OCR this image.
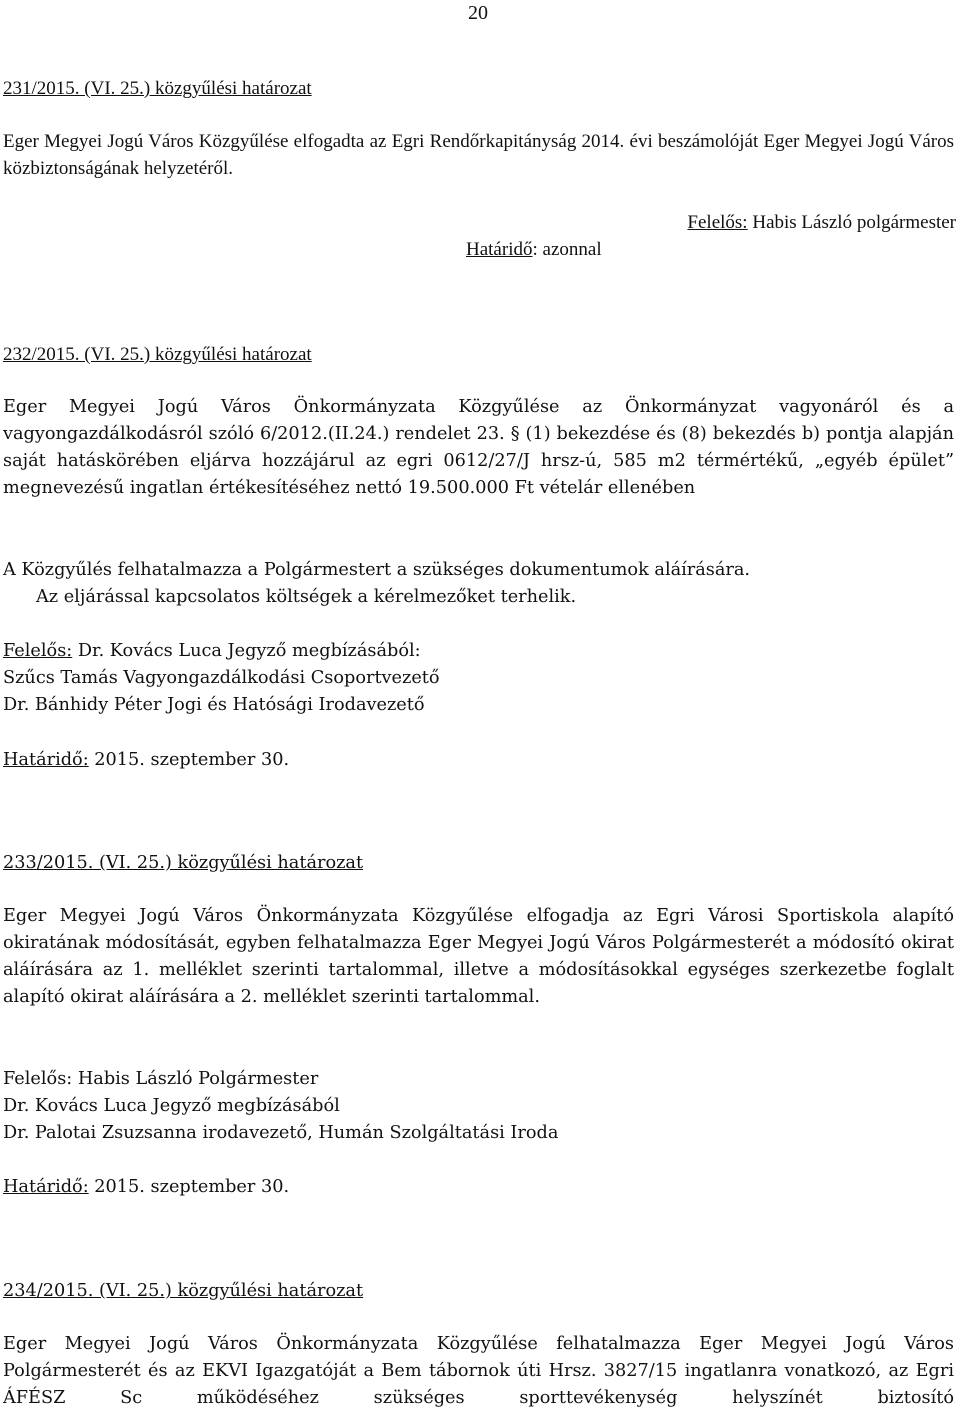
20
231/2015. (VI. 25.) közgyűlési határozat
Eger Megyei Jogú Város Közgyűlése elfogadta az Egri Rendőrkapitányság 2014. évi beszámolóját Eger Megyei Jogú Város közbiztonságának helyzetéről.
Felelős: Habis László polgármester
Határidő: azonnal
232/2015. (VI. 25.) közgyűlési határozat
Eger Megyei Jogú Város Önkormányzata Közgyűlése az Önkormányzat vagyonáról és a vagyongazdálkodásról szóló 6/2012.(II.24.) rendelet 23. § (1) bekezdése és (8) bekezdés b) pontja alapján saját hatáskörében eljárva hozzájárul az egri 0612/27/J hrsz-ú, 585 m2 térmértékű, „egyéb épület” megnevezésű ingatlan értékesítéséhez nettó 19.500.000 Ft vételár ellenében
A Közgyűlés felhatalmazza a Polgármestert a szükséges dokumentumok aláírására.
Az eljárással kapcsolatos költségek a kérelmezőket terhelik.
Felelős: Dr. Kovács Luca Jegyző megbízásából:
Szűcs Tamás Vagyongazdálkodási Csoportvezető
Dr. Bánhidy Péter Jogi és Hatósági Irodavezető
Határidő: 2015. szeptember 30.
233/2015. (VI. 25.) közgyűlési határozat
Eger Megyei Jogú Város Önkormányzata Közgyűlése elfogadja az Egri Városi Sportiskola alapító okiratának módosítását, egyben felhatalmazza Eger Megyei Jogú Város Polgármesterét a módosító okirat aláírására az 1. melléklet szerinti tartalommal, illetve a módosításokkal egységes szerkezetbe foglalt alapító okirat aláírására a 2. melléklet szerinti tartalommal.
Felelős: Habis László Polgármester
Dr. Kovács Luca Jegyző megbízásából
Dr. Palotai Zsuzsanna irodavezető, Humán Szolgáltatási Iroda
Határidő: 2015. szeptember 30.
234/2015. (VI. 25.) közgyűlési határozat
Eger Megyei Jogú Város Önkormányzata Közgyűlése felhatalmazza Eger Megyei Jogú Város Polgármesterét és az EKVI Igazgatóját a Bem tábornok úti Hrsz. 3827/15 ingatlanra vonatkozó, az Egri ÁFÉSZ Sc működéséhez szükséges sporttevékenység helyszínét biztosító
